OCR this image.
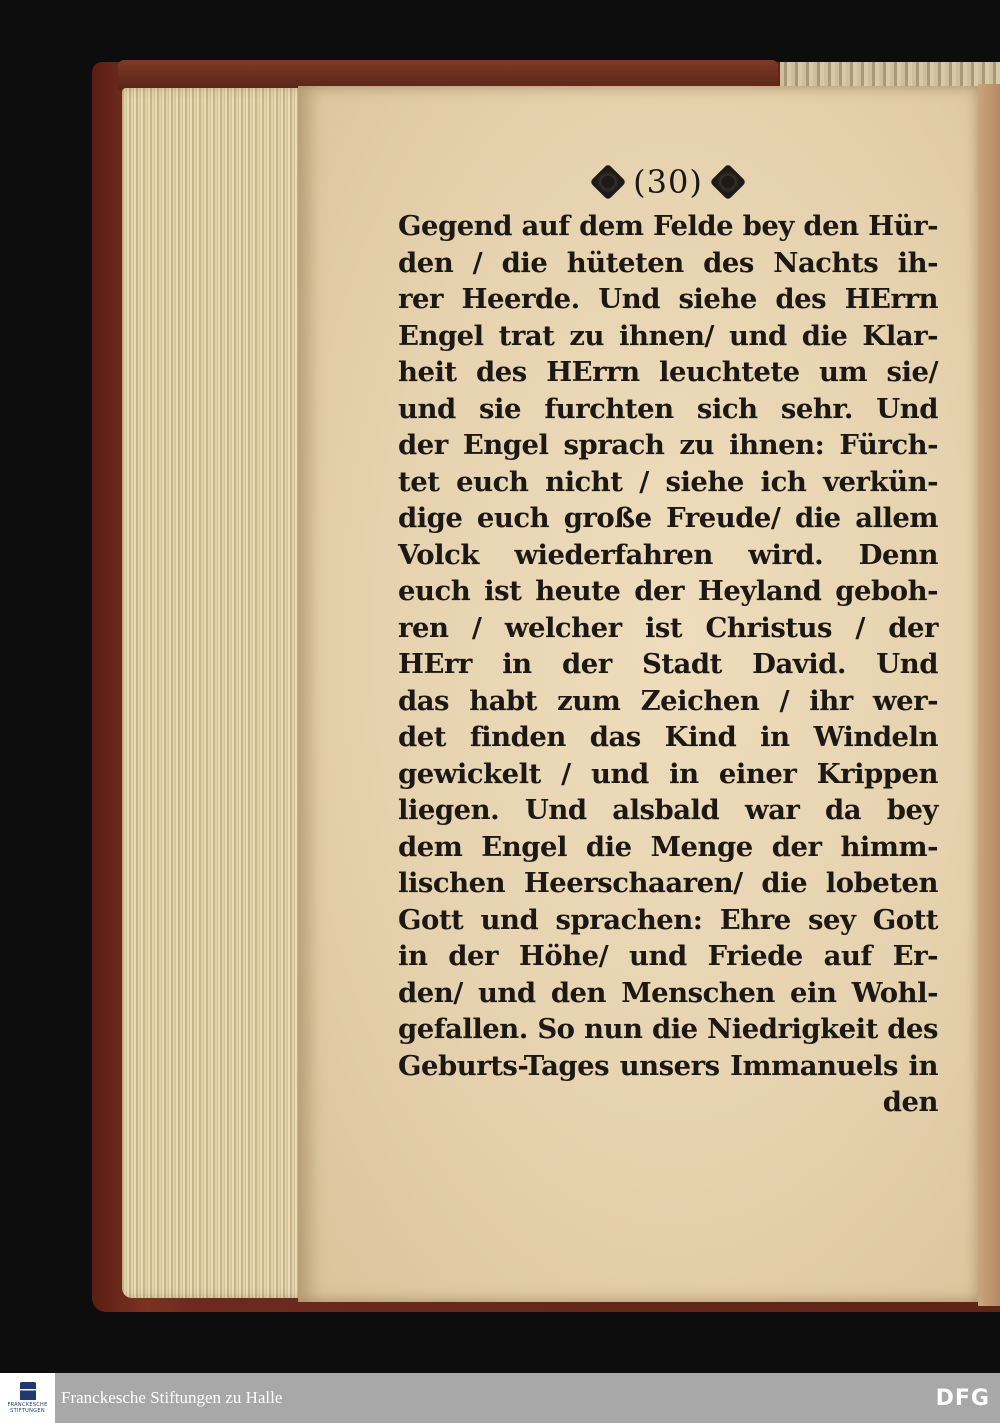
(30)
Gegend auf dem Felde bey den Hür-
den / die hüteten des Nachts ih-
rer Heerde. Und siehe des HErrn
Engel trat zu ihnen/ und die Klar-
heit des HErrn leuchtete um sie/
und sie furchten sich sehr. Und
der Engel sprach zu ihnen: Fürch-
tet euch nicht / siehe ich verkün-
dige euch große Freude/ die allem
Volck wiederfahren wird. Denn
euch ist heute der Heyland geboh-
ren / welcher ist Christus / der
HErr in der Stadt David. Und
das habt zum Zeichen / ihr wer-
det finden das Kind in Windeln
gewickelt / und in einer Krippen
liegen. Und alsbald war da bey
dem Engel die Menge der himm-
lischen Heerschaaren/ die lobeten
Gott und sprachen: Ehre sey Gott
in der Höhe/ und Friede auf Er-
den/ und den Menschen ein Wohl-
gefallen. So nun die Niedrigkeit des
Geburts-Tages unsers Immanuels in
den
FRANCKESCHE STIFTUNGEN
Franckesche Stiftungen zu Halle	DFG
